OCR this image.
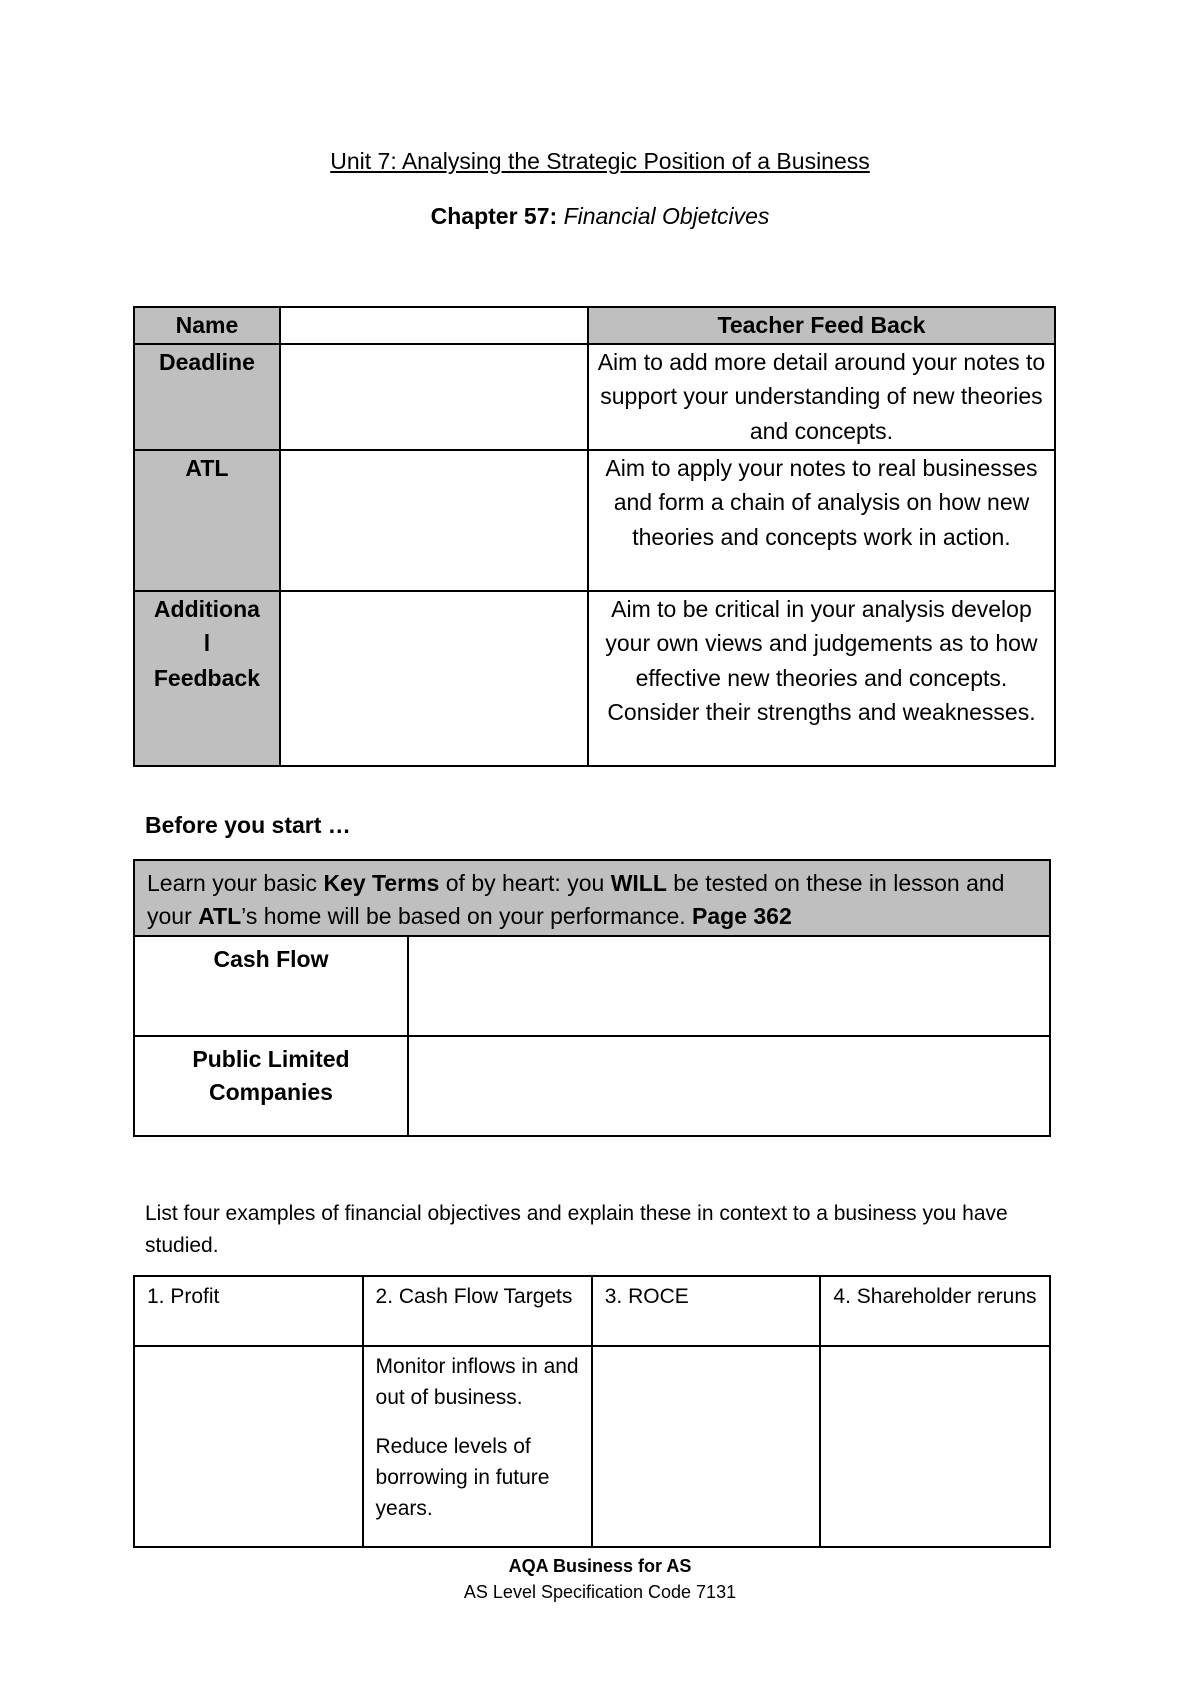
Unit 7: Analysing the Strategic Position of a Business
Chapter 57: Financial Objetcives
Name		Teacher Feed Back
Deadline		Aim to add more detail around your notes to support your understanding of new theories and concepts.
ATL		Aim to apply your notes to real businesses and form a chain of analysis on how new theories and concepts work in action.

Additiona
l
Feedback		Aim to be critical in your analysis develop your own views and judgements as to how effective new theories and concepts. Consider their strengths and weaknesses.
Before you start …
Learn your basic Key Terms of by heart: you WILL be tested on these in lesson and your ATL’s home will be based on your performance. Page 362	
Cash Flow	

Public Limited
Companies	

List four examples of financial objectives and explain these in context to a business you have studied.
1. Profit	2. Cash Flow Targets	3. ROCE	4. Shareholder reruns

	Monitor inflows in and out of business.

Reduce levels of borrowing in future years.		

AQA Business for AS
AS Level Specification Code 7131
